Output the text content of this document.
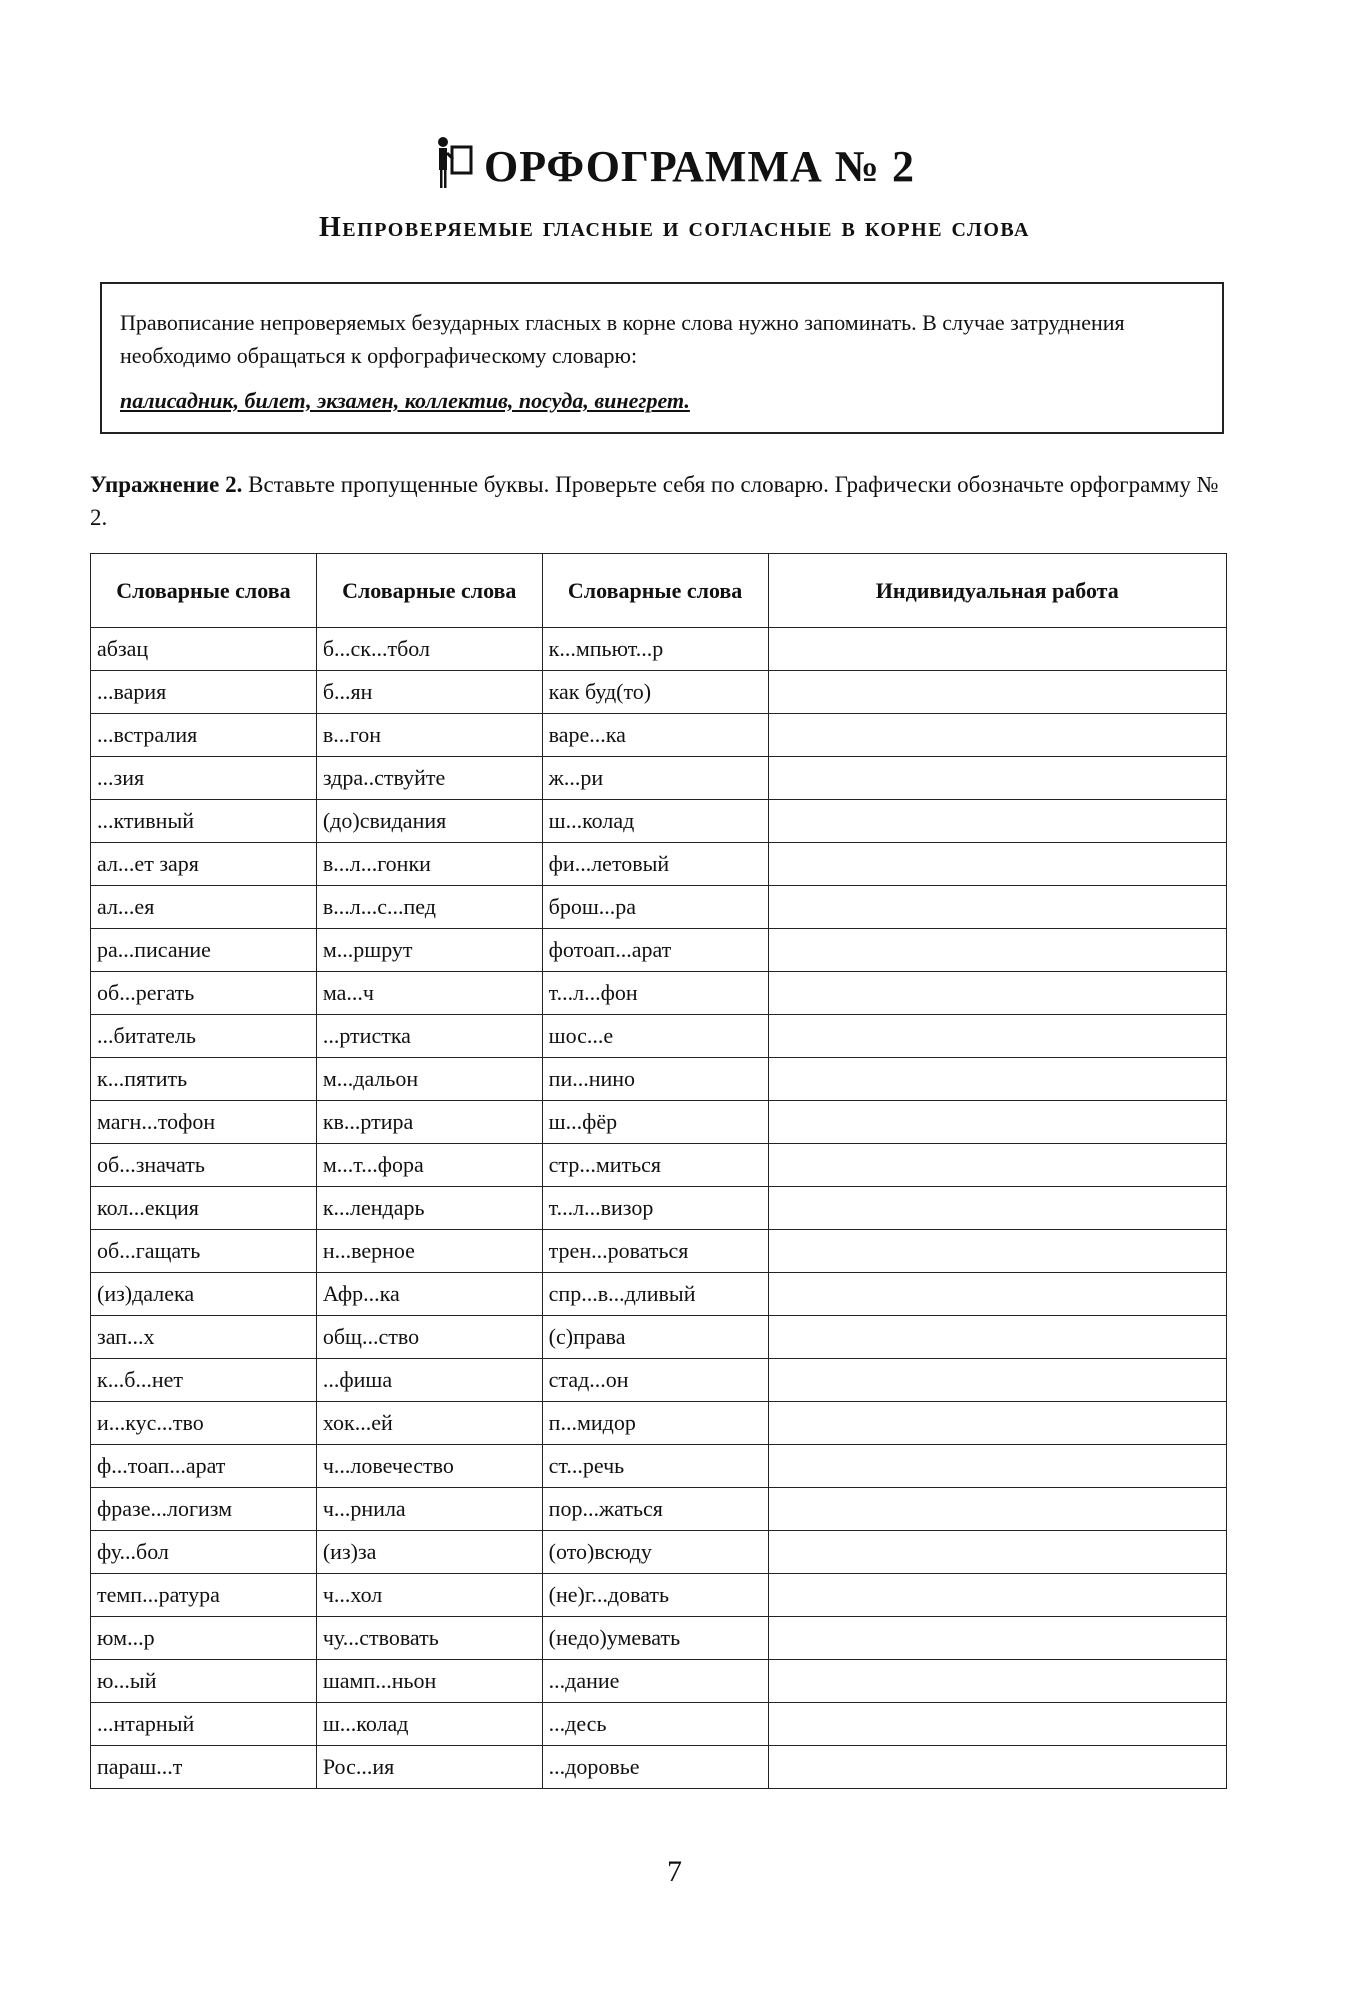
ОРФОГРАММА № 2
Непроверяемые гласные и согласные в корне слова
Правописание непроверяемых безударных гласных в корне слова нужно запоминать. В случае затруднения необходимо обращаться к орфографическому словарю:
палисадник, билет, экзамен, коллектив, посуда, винегрет.
Упражнение 2. Вставьте пропущенные буквы. Проверьте себя по словарю. Графически обозначьте орфограмму № 2.
Словарные слова	Словарные слова	Словарные слова	Индивидуальная работа
абзац	б...ск...тбол	к...мпьют...р	
...вария	б...ян	как буд(то)	
...встралия	в...гон	варе...ка	
...зия	здра..ствуйте	ж...ри	
...ктивный	(до)свидания	ш...колад	
ал...ет заря	в...л...гонки	фи...летовый	
ал...ея	в...л...с...пед	брош...ра	
ра...писание	м...ршрут	фотоап...арат	
об...регать	ма...ч	т...л...фон	
...битатель	...ртистка	шос...е	
к...пятить	м...дальон	пи...нино	
магн...тофон	кв...ртира	ш...фёр	
об...значать	м...т...фора	стр...миться	
кол...екция	к...лендарь	т...л...визор	
об...гащать	н...верное	трен...роваться	
(из)далека	Афр...ка	спр...в...дливый	
зап...х	общ...ство	(с)права	
к...б...нет	...фиша	стад...он	
и...кус...тво	хок...ей	п...мидор	
ф...тоап...арат	ч...ловечество	ст...речь	
фразе...логизм	ч...рнила	пор...жаться	
фу...бол	(из)за	(ото)всюду	
темп...ратура	ч...хол	(не)г...довать	
юм...р	чу...ствовать	(недо)умевать	
ю...ый	шамп...ньон	...дание	
...нтарный	ш...колад	...десь	
параш...т	Рос...ия	...доровье	
7
